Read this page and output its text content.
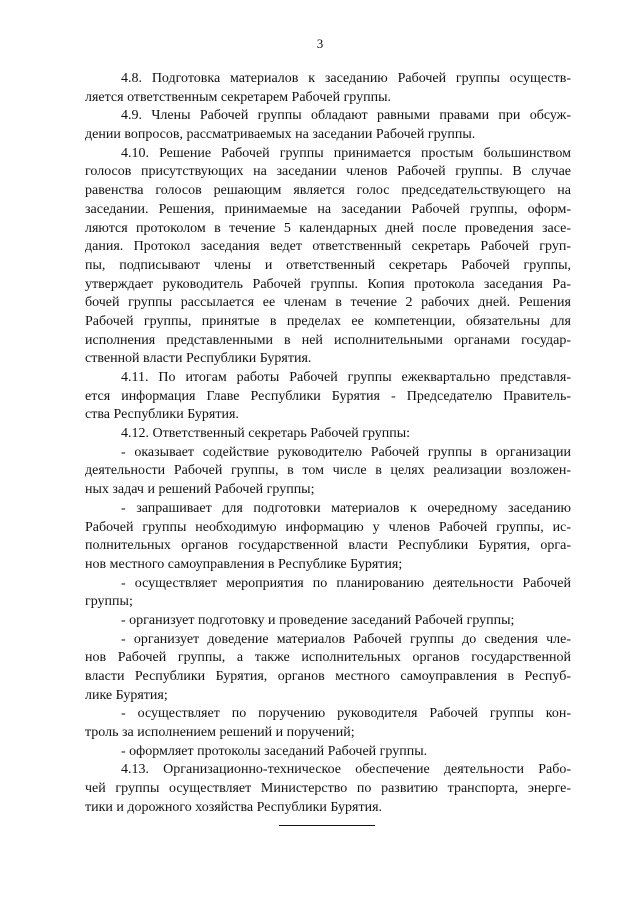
3
4.8. Подготовка материалов к заседанию Рабочей группы осуществ-
ляется ответственным секретарем Рабочей группы.
4.9. Члены Рабочей группы обладают равными правами при обсуж-
дении вопросов, рассматриваемых на заседании Рабочей группы.
4.10. Решение Рабочей группы принимается простым большинством
голосов присутствующих на заседании членов Рабочей группы. В случае
равенства голосов решающим является голос председательствующего на
заседании. Решения, принимаемые на заседании Рабочей группы, оформ-
ляются протоколом в течение 5 календарных дней после проведения засе-
дания. Протокол заседания ведет ответственный секретарь Рабочей груп-
пы, подписывают члены и ответственный секретарь Рабочей группы,
утверждает руководитель Рабочей группы. Копия протокола заседания Ра-
бочей группы рассылается ее членам в течение 2 рабочих дней. Решения
Рабочей группы, принятые в пределах ее компетенции, обязательны для
исполнения представленными в ней исполнительными органами государ-
ственной власти Республики Бурятия.
4.11. По итогам работы Рабочей группы ежеквартально представля-
ется информация Главе Республики Бурятия - Председателю Правитель-
ства Республики Бурятия.
4.12. Ответственный секретарь Рабочей группы:
- оказывает содействие руководителю Рабочей группы в организации
деятельности Рабочей группы, в том числе в целях реализации возложен-
ных задач и решений Рабочей группы;
- запрашивает для подготовки материалов к очередному заседанию
Рабочей группы необходимую информацию у членов Рабочей группы, ис-
полнительных органов государственной власти Республики Бурятия, орга-
нов местного самоуправления в Республике Бурятия;
- осуществляет мероприятия по планированию деятельности Рабочей
группы;
- организует подготовку и проведение заседаний Рабочей группы;
- организует доведение материалов Рабочей группы до сведения чле-
нов Рабочей группы, а также исполнительных органов государственной
власти Республики Бурятия, органов местного самоуправления в Респуб-
лике Бурятия;
- осуществляет по поручению руководителя Рабочей группы кон-
троль за исполнением решений и поручений;
- оформляет протоколы заседаний Рабочей группы.
4.13. Организационно-техническое обеспечение деятельности Рабо-
чей группы осуществляет Министерство по развитию транспорта, энерге-
тики и дорожного хозяйства Республики Бурятия.
